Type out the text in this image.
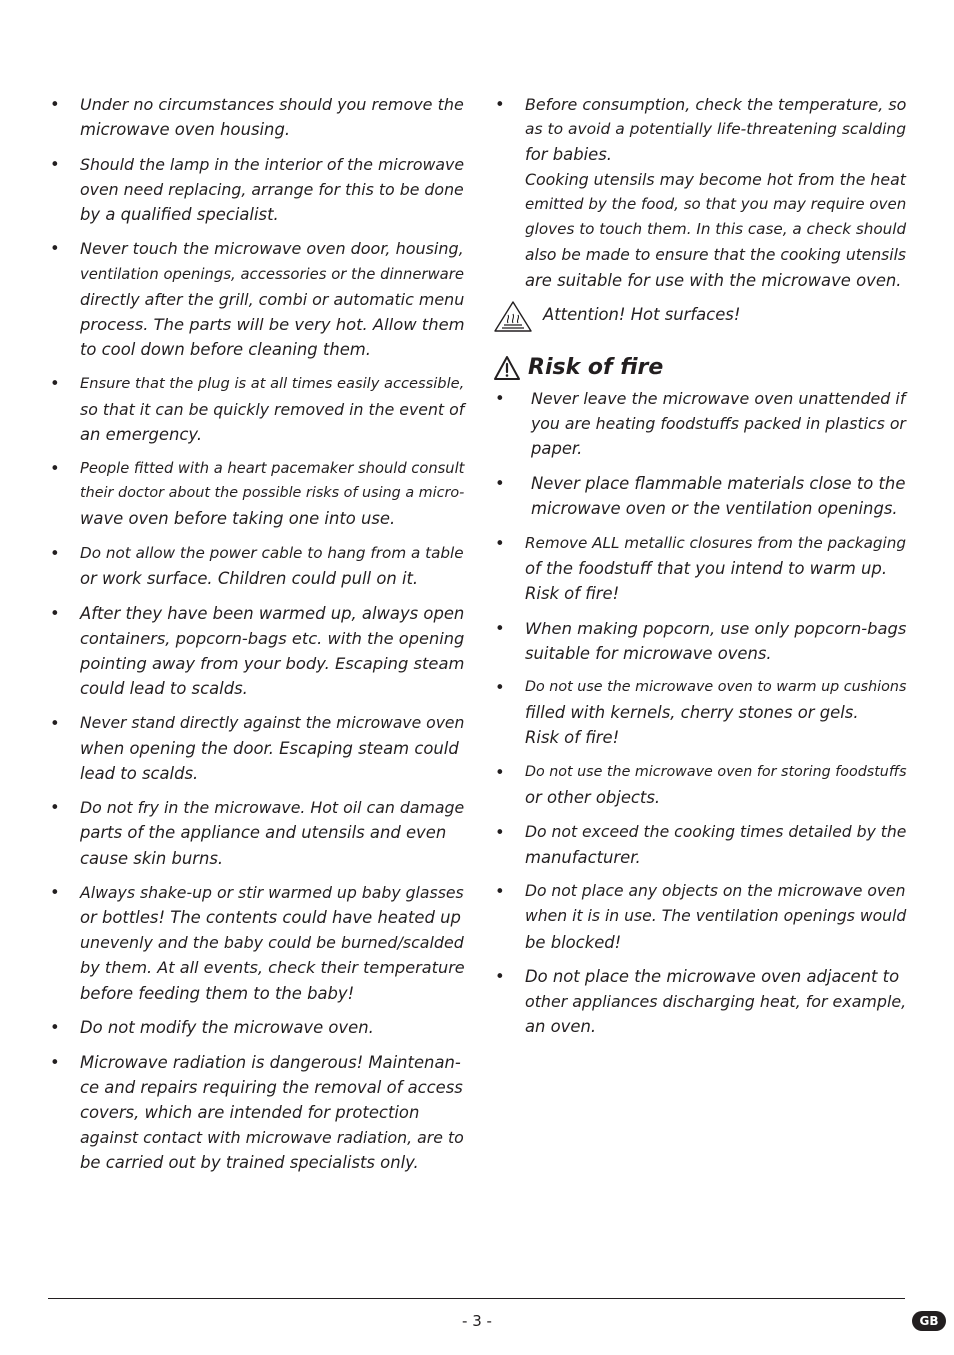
• Under no circumstances should you remove the
microwave oven housing.
• Should the lamp in the interior of the microwave
oven need replacing, arrange for this to be done
by a qualified specialist.
• Never touch the microwave oven door, housing,
ventilation openings, accessories or the dinnerware
directly after the grill, combi or automatic menu
process. The parts will be very hot. Allow them
to cool down before cleaning them.
• Ensure that the plug is at all times easily accessible,
so that it can be quickly removed in the event of
an emergency.
• People fitted with a heart pacemaker should consult
their doctor about the possible risks of using a micro-
wave oven before taking one into use.
• Do not allow the power cable to hang from a table
or work surface. Children could pull on it.
• After they have been warmed up, always open
containers, popcorn-bags etc. with the opening
pointing away from your body. Escaping steam
could lead to scalds.
• Never stand directly against the microwave oven
when opening the door. Escaping steam could
lead to scalds.
• Do not fry in the microwave. Hot oil can damage
parts of the appliance and utensils and even
cause skin burns.
• Always shake-up or stir warmed up baby glasses
or bottles! The contents could have heated up
unevenly and the baby could be burned/scalded
by them. At all events, check their temperature
before feeding them to the baby!
• Do not modify the microwave oven.
• Microwave radiation is dangerous! Maintenan-
ce and repairs requiring the removal of access
covers, which are intended for protection
against contact with microwave radiation, are to
be carried out by trained specialists only.
• Before consumption, check the temperature, so
as to avoid a potentially life-threatening scalding
for babies.
Cooking utensils may become hot from the heat
emitted by the food, so that you may require oven
gloves to touch them. In this case, a check should
also be made to ensure that the cooking utensils
are suitable for use with the microwave oven.
Attention! Hot surfaces!
Risk of fire
• Never leave the microwave oven unattended if
you are heating foodstuffs packed in plastics or
paper.
• Never place flammable materials close to the
microwave oven or the ventilation openings.
• Remove ALL metallic closures from the packaging
of the foodstuff that you intend to warm up.
Risk of fire!
• When making popcorn, use only popcorn-bags
suitable for microwave ovens.
• Do not use the microwave oven to warm up cushions
filled with kernels, cherry stones or gels.
Risk of fire!
• Do not use the microwave oven for storing foodstuffs
or other objects.
• Do not exceed the cooking times detailed by the
manufacturer.
• Do not place any objects on the microwave oven
when it is in use. The ventilation openings would
be blocked!
• Do not place the microwave oven adjacent to
other appliances discharging heat, for example,
an oven.
- 3 -	GB
